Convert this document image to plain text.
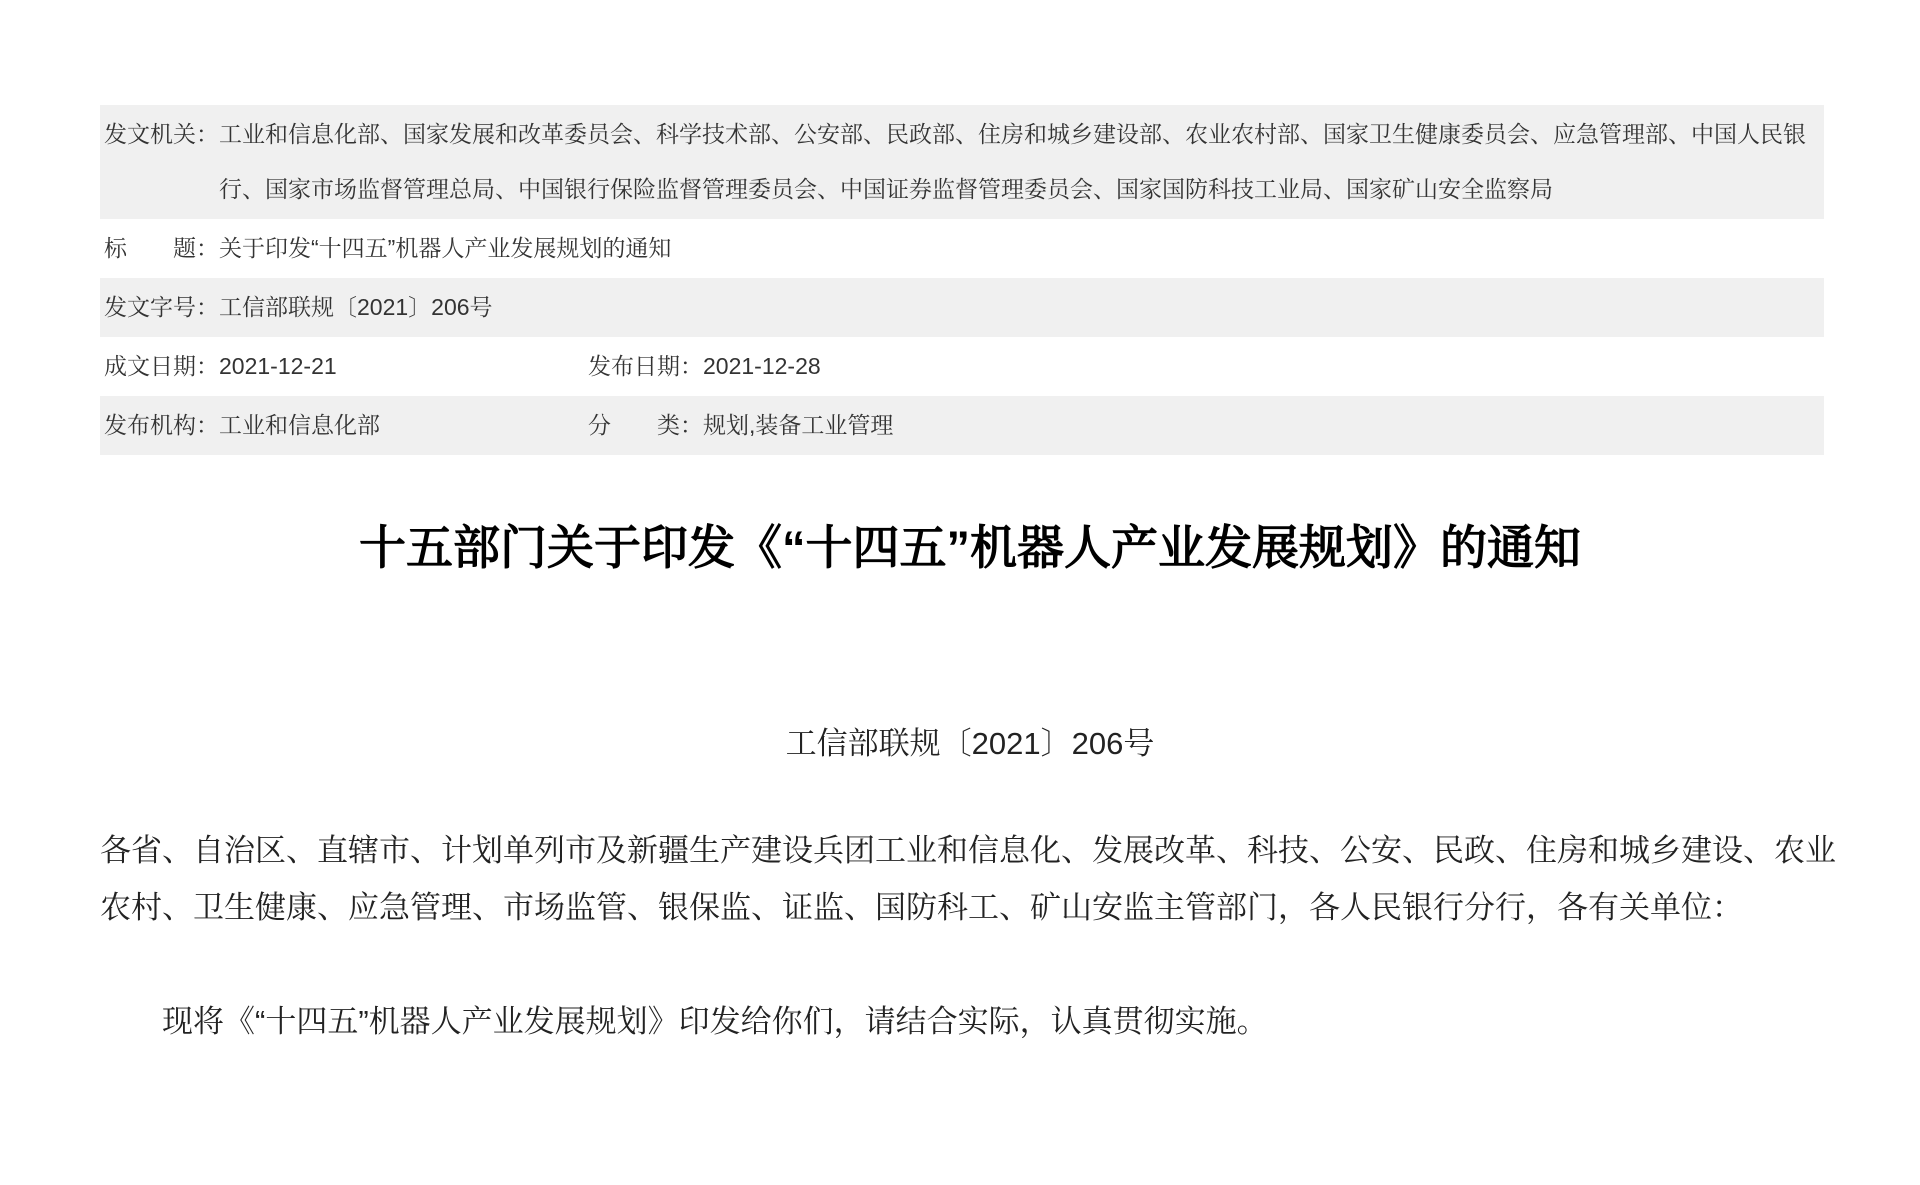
发文机关 ： 工业和信息化部、国家发展和改革委员会、科学技术部、公安部、民政部、住房和城乡建设部、农业农村部、国家卫生健康委员会、应急管理部、中国人民银行、国家市场监督管理总局、中国银行保险监督管理委员会、中国证券监督管理委员会、国家国防科技工业局、国家矿山安全监察局
标题 ： 关于印发“十四五”机器人产业发展规划的通知
发文字号 ： 工信部联规〔2021〕206号
成文日期 ： 2021-12-21	发布日期 ： 2021-12-28
发布机构 ： 工业和信息化部	分类 ： 规划,装备工业管理
十五部门关于印发《“十四五”机器人产业发展规划》的通知
工信部联规〔2021〕206号

各省、自治区、直辖市、计划单列市及新疆生产建设兵团工业和信息化、发展改革、科技、公安、民政、住房和城乡建设、农业农村、卫生健康、应急管理、市场监管、银保监、证监、国防科工、矿山安监主管部门，各人民银行分行，各有关单位：

现将《“十四五”机器人产业发展规划》印发给你们，请结合实际，认真贯彻实施。
